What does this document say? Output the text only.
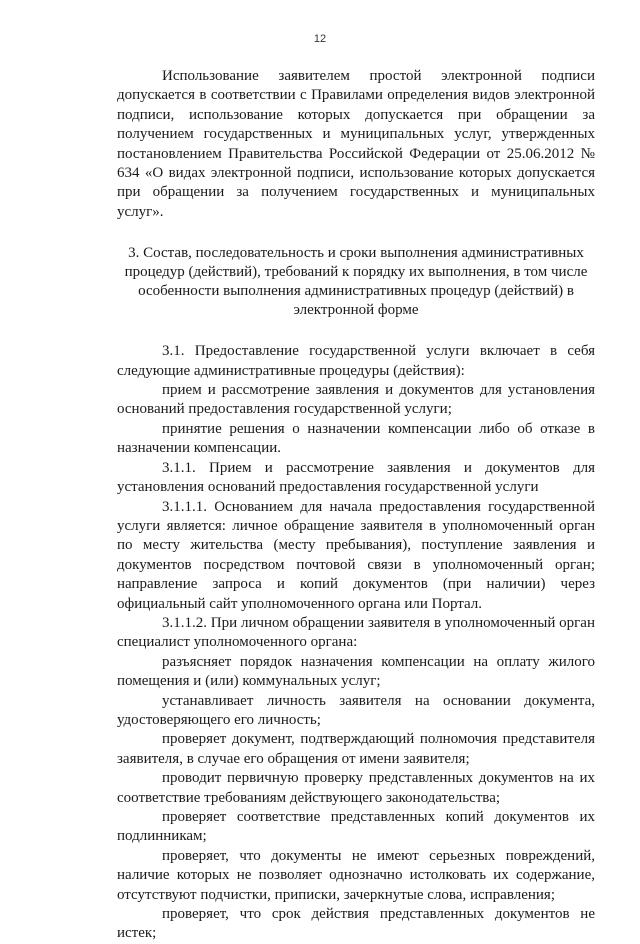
12

Использование заявителем простой электронной подписи допускается в соответствии с Правилами определения видов электронной подписи, использование которых допускается при обращении за получением государственных и муниципальных услуг, утвержденных постановлением Правительства Российской Федерации от 25.06.2012 № 634 «О видах электронной подписи, использование которых допускается при обращении за получением государственных и муниципальных услуг».

3. Состав, последовательность и сроки выполнения административных процедур (действий), требований к порядку их выполнения, в том числе особенности выполнения административных процедур (действий) в электронной форме

3.1. Предоставление государственной услуги включает в себя следующие административные процедуры (действия):

прием и рассмотрение заявления и документов для установления оснований предоставления государственной услуги;

принятие решения о назначении компенсации либо об отказе в назначении компенсации.

3.1.1. Прием и рассмотрение заявления и документов для установления оснований предоставления государственной услуги

3.1.1.1. Основанием для начала предоставления государственной услуги является: личное обращение заявителя в уполномоченный орган по месту жительства (месту пребывания), поступление заявления и документов посредством почтовой связи в уполномоченный орган; направление запроса и копий документов (при наличии) через официальный сайт уполномоченного органа или Портал.

3.1.1.2. При личном обращении заявителя в уполномоченный орган специалист уполномоченного органа:

разъясняет порядок назначения компенсации на оплату жилого помещения и (или) коммунальных услуг;

устанавливает личность заявителя на основании документа, удостоверяющего его личность;

проверяет документ, подтверждающий полномочия представителя заявителя, в случае его обращения от имени заявителя;

проводит первичную проверку представленных документов на их соответствие требованиям действующего законодательства;

проверяет соответствие представленных копий документов их подлинникам;

проверяет, что документы не имеют серьезных повреждений, наличие которых не позволяет однозначно истолковать их содержание, отсутствуют подчистки, приписки, зачеркнутые слова, исправления;

проверяет, что срок действия представленных документов не истек;
